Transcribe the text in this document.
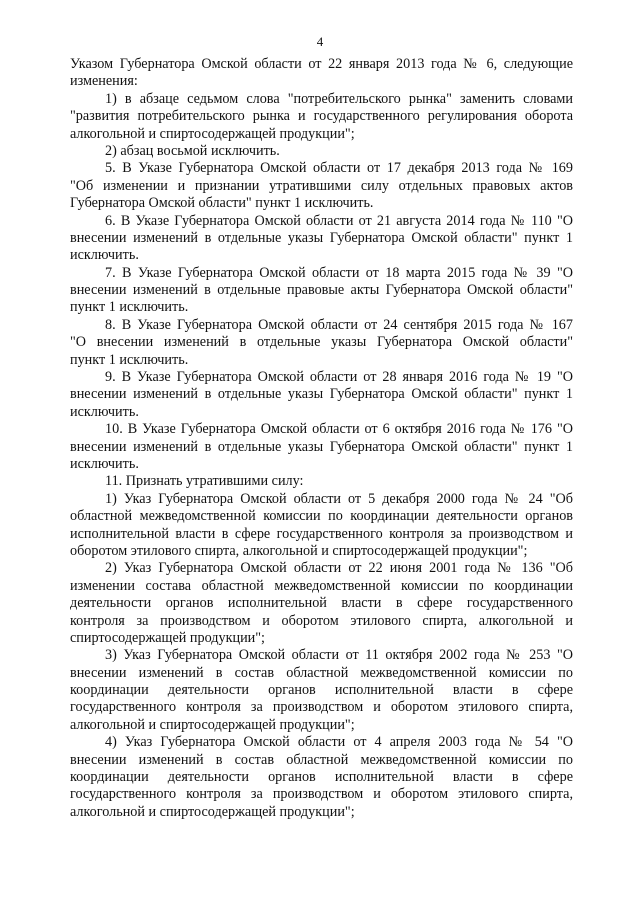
4
Указом Губернатора Омской области от 22 января 2013 года № 6, следующие
изменения:
1) в абзаце седьмом слова "потребительского рынка" заменить словами
"развития потребительского рынка и государственного регулирования оборота
алкогольной и спиртосодержащей продукции";
2) абзац восьмой исключить.
5. В Указе Губернатора Омской области от 17 декабря 2013 года № 169
"Об изменении и признании утратившими силу отдельных правовых актов
Губернатора Омской области" пункт 1 исключить.
6. В Указе Губернатора Омской области от 21 августа 2014 года № 110 "О
внесении изменений в отдельные указы Губернатора Омской области" пункт 1
исключить.
7. В Указе Губернатора Омской области от 18 марта 2015 года № 39 "О
внесении изменений в отдельные правовые акты Губернатора Омской области"
пункт 1 исключить.
8. В Указе Губернатора Омской области от 24 сентября 2015 года № 167
"О внесении изменений в отдельные указы Губернатора Омской области"
пункт 1 исключить.
9. В Указе Губернатора Омской области от 28 января 2016 года № 19 "О
внесении изменений в отдельные указы Губернатора Омской области" пункт 1
исключить.
10. В Указе Губернатора Омской области от 6 октября 2016 года № 176 "О
внесении изменений в отдельные указы Губернатора Омской области" пункт 1
исключить.
11. Признать утратившими силу:
1) Указ Губернатора Омской области от 5 декабря 2000 года № 24 "Об
областной межведомственной комиссии по координации деятельности органов
исполнительной власти в сфере государственного контроля за производством и
оборотом этилового спирта, алкогольной и спиртосодержащей продукции";
2) Указ Губернатора Омской области от 22 июня 2001 года № 136 "Об
изменении состава областной межведомственной комиссии по координации
деятельности органов исполнительной власти в сфере государственного
контроля за производством и оборотом этилового спирта, алкогольной и
спиртосодержащей продукции";
3) Указ Губернатора Омской области от 11 октября 2002 года № 253 "О
внесении изменений в состав областной межведомственной комиссии по
координации деятельности органов исполнительной власти в сфере
государственного контроля за производством и оборотом этилового спирта,
алкогольной и спиртосодержащей продукции";
4) Указ Губернатора Омской области от 4 апреля 2003 года № 54 "О
внесении изменений в состав областной межведомственной комиссии по
координации деятельности органов исполнительной власти в сфере
государственного контроля за производством и оборотом этилового спирта,
алкогольной и спиртосодержащей продукции";
